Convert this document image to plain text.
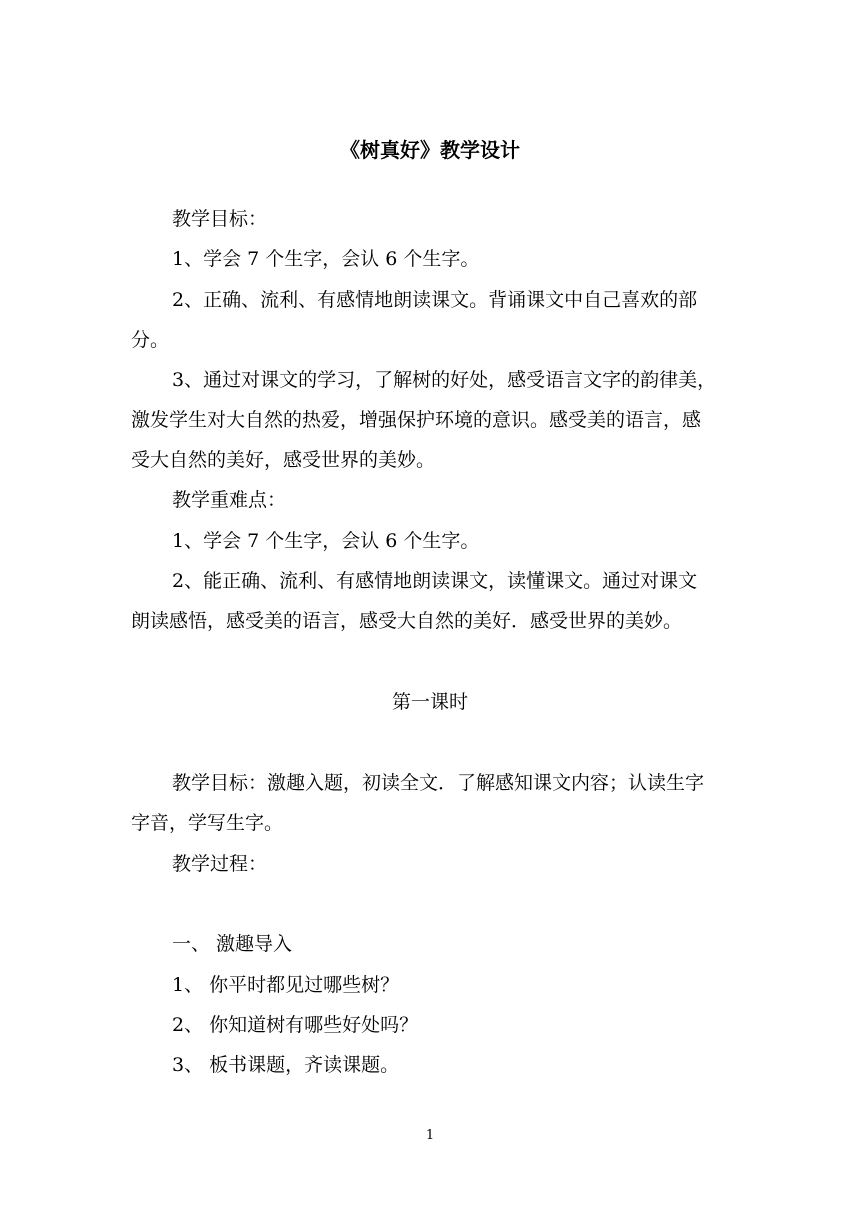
《树真好》教学设计
教学目标：
1、学会 7 个生字，会认 6 个生字。
2、正确、流利、有感情地朗读课文。背诵课文中自己喜欢的部
分。
3、通过对课文的学习，了解树的好处，感受语言文字的韵律美，
激发学生对大自然的热爱，增强保护环境的意识。感受美的语言，感
受大自然的美好，感受世界的美妙。
教学重难点：
1、学会 7 个生字，会认 6 个生字。
2、能正确、流利、有感情地朗读课文，读懂课文。通过对课文
朗读感悟，感受美的语言，感受大自然的美好．感受世界的美妙。
第一课时
教学目标：激趣入题，初读全文．了解感知课文内容；认读生字
字音，学写生字。
教学过程：
一、 激趣导入
1、 你平时都见过哪些树？
2、 你知道树有哪些好处吗？
3、 板书课题，齐读课题。
1
